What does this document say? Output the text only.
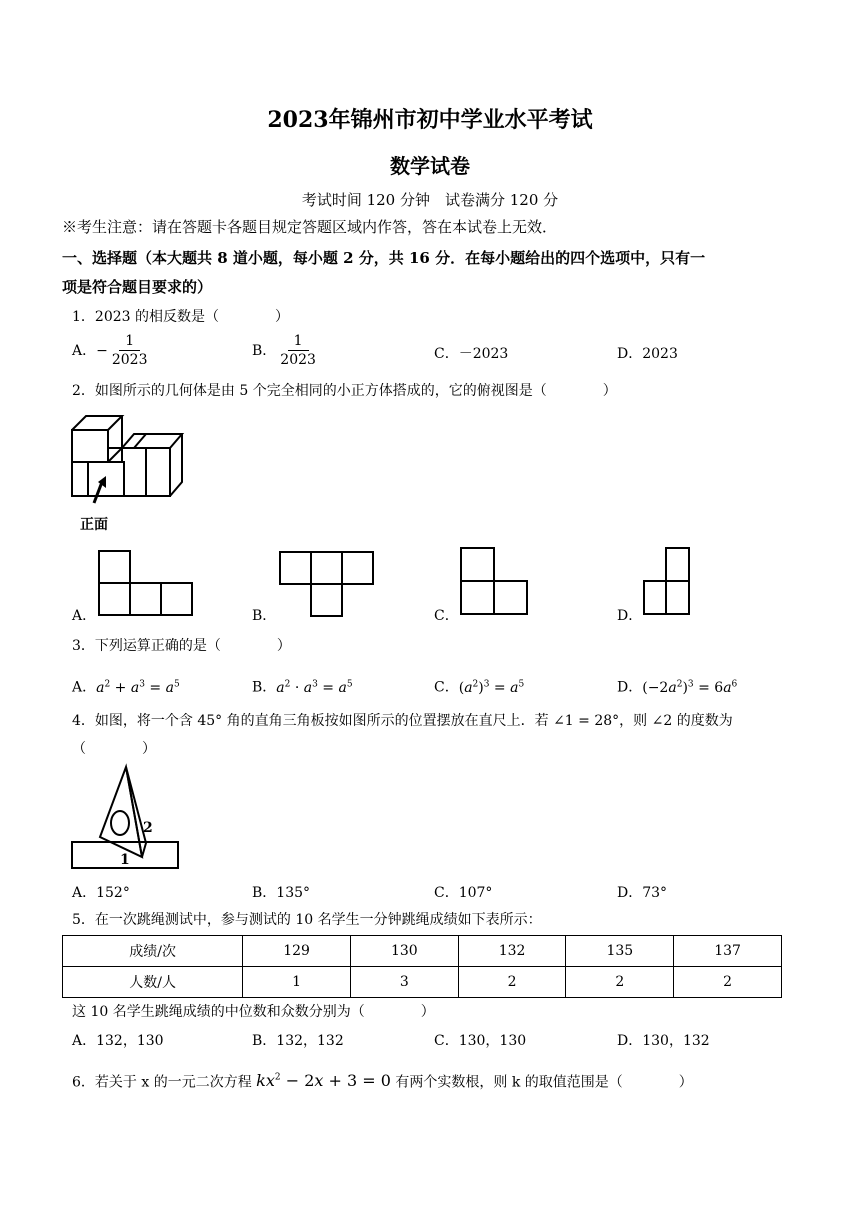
2023年锦州市初中学业水平考试
数学试卷
考试时间 120 分钟　试卷满分 120 分
※考生注意：请在答题卡各题目规定答题区域内作答，答在本试卷上无效．
一、选择题（本大题共 8 道小题，每小题 2 分，共 16 分．在每小题给出的四个选项中，只有一
项是符合题目要求的）
1．2023 的相反数是（　　　　）
A．− $\frac{1}{2023}$	B． $\frac{1}{2023}$	C．－2023	D．2023
2．如图所示的几何体是由 5 个完全相同的小正方体搭成的，它的俯视图是（　　　　）
正面
A．	B．	C．	D．
3．下列运算正确的是（　　　　）
A．$a^2 + a^3 = a^5$	B．$a^2 \cdot a^3 = a^5$	C．$(a^2)^3 = a^5$	D．$(-2a^2)^3 = 6a^6$
4．如图，将一个含 45° 角的直角三角板按如图所示的位置摆放在直尺上．若 ∠1 = 28°，则 ∠2 的度数为
（　　　　）
2
1
A．152°	B．135°	C．107°	D．73°
5．在一次跳绳测试中，参与测试的 10 名学生一分钟跳绳成绩如下表所示：
成绩/次	129	130	132	135	137
人数/人	1	3	2	2	2
这 10 名学生跳绳成绩的中位数和众数分别为（　　　　）
A．132，130	B．132，132	C．130，130	D．130，132
6．若关于 x 的一元二次方程 $kx^2 - 2x + 3 = 0$ 有两个实数根，则 k 的取值范围是（　　　　）
